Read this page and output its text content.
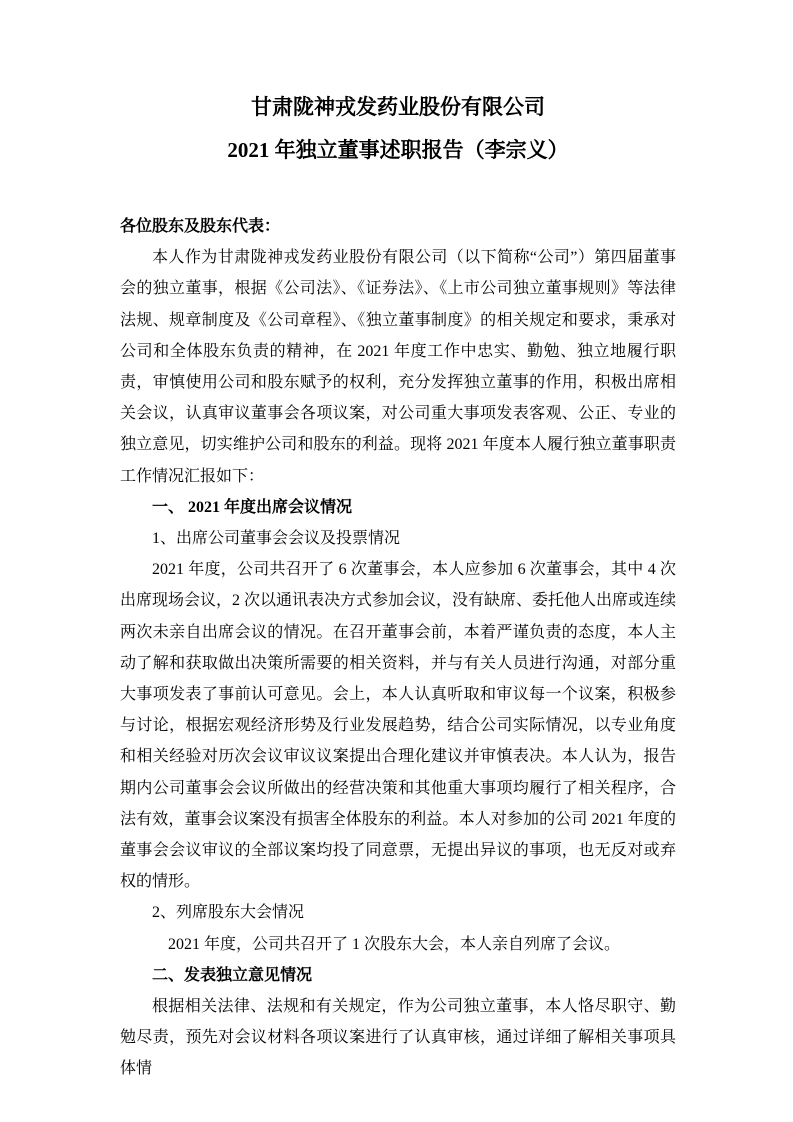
甘肃陇神戎发药业股份有限公司
2021 年独立董事述职报告（李宗义）

各位股东及股东代表：

本人作为甘肃陇神戎发药业股份有限公司（以下简称“公司”）第四届董事会的独立董事，根据《公司法》、《证券法》、《上市公司独立董事规则》等法律法规、规章制度及《公司章程》、《独立董事制度》的相关规定和要求，秉承对公司和全体股东负责的精神，在 2021 年度工作中忠实、勤勉、独立地履行职责，审慎使用公司和股东赋予的权利，充分发挥独立董事的作用，积极出席相关会议，认真审议董事会各项议案，对公司重大事项发表客观、公正、专业的独立意见，切实维护公司和股东的利益。现将 2021 年度本人履行独立董事职责工作情况汇报如下：

一、 2021 年度出席会议情况

1、出席公司董事会会议及投票情况

2021 年度，公司共召开了 6 次董事会，本人应参加 6 次董事会，其中 4 次出席现场会议，2 次以通讯表决方式参加会议，没有缺席、委托他人出席或连续两次未亲自出席会议的情况。在召开董事会前，本着严谨负责的态度，本人主动了解和获取做出决策所需要的相关资料，并与有关人员进行沟通，对部分重大事项发表了事前认可意见。会上，本人认真听取和审议每一个议案，积极参与讨论，根据宏观经济形势及行业发展趋势，结合公司实际情况，以专业角度和相关经验对历次会议审议议案提出合理化建议并审慎表决。本人认为，报告期内公司董事会会议所做出的经营决策和其他重大事项均履行了相关程序，合法有效，董事会议案没有损害全体股东的利益。本人对参加的公司 2021 年度的董事会会议审议的全部议案均投了同意票，无提出异议的事项，也无反对或弃权的情形。

2、列席股东大会情况

2021 年度，公司共召开了 1 次股东大会，本人亲自列席了会议。

二、发表独立意见情况

根据相关法律、法规和有关规定，作为公司独立董事，本人恪尽职守、勤勉尽责，预先对会议材料各项议案进行了认真审核，通过详细了解相关事项具体情
